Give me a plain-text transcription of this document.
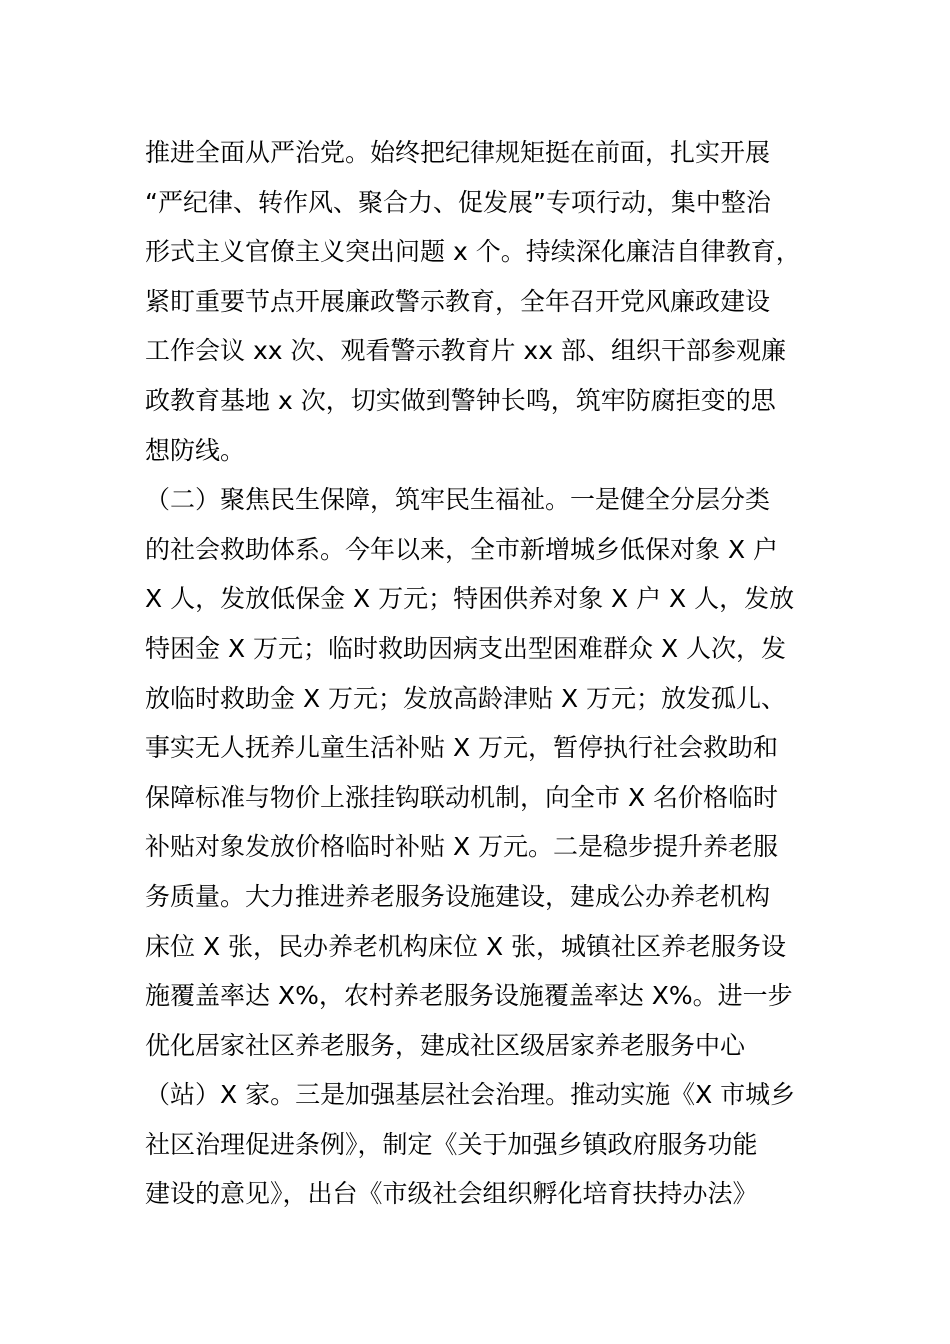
推进全面从严治党。始终把纪律规矩挺在前面，扎实开展
“严纪律、转作风、聚合力、促发展”专项行动，集中整治
形式主义官僚主义突出问题 x 个。持续深化廉洁自律教育，
紧盯重要节点开展廉政警示教育，全年召开党风廉政建设
工作会议 xx 次、观看警示教育片 xx 部、组织干部参观廉
政教育基地 x 次，切实做到警钟长鸣，筑牢防腐拒变的思
想防线。
（二）聚焦民生保障，筑牢民生福祉。一是健全分层分类
的社会救助体系。今年以来，全市新增城乡低保对象 X 户
X 人，发放低保金 X 万元；特困供养对象 X 户 X 人，发放
特困金 X 万元；临时救助因病支出型困难群众 X 人次，发
放临时救助金 X 万元；发放高龄津贴 X 万元；放发孤儿、
事实无人抚养儿童生活补贴 X 万元，暂停执行社会救助和
保障标准与物价上涨挂钩联动机制，向全市 X 名价格临时
补贴对象发放价格临时补贴 X 万元。二是稳步提升养老服
务质量。大力推进养老服务设施建设，建成公办养老机构
床位 X 张，民办养老机构床位 X 张，城镇社区养老服务设
施覆盖率达 X%，农村养老服务设施覆盖率达 X%。进一步
优化居家社区养老服务，建成社区级居家养老服务中心
（站）X 家。三是加强基层社会治理。推动实施《X 市城乡
社区治理促进条例》，制定《关于加强乡镇政府服务功能
建设的意见》，出台《市级社会组织孵化培育扶持办法》
